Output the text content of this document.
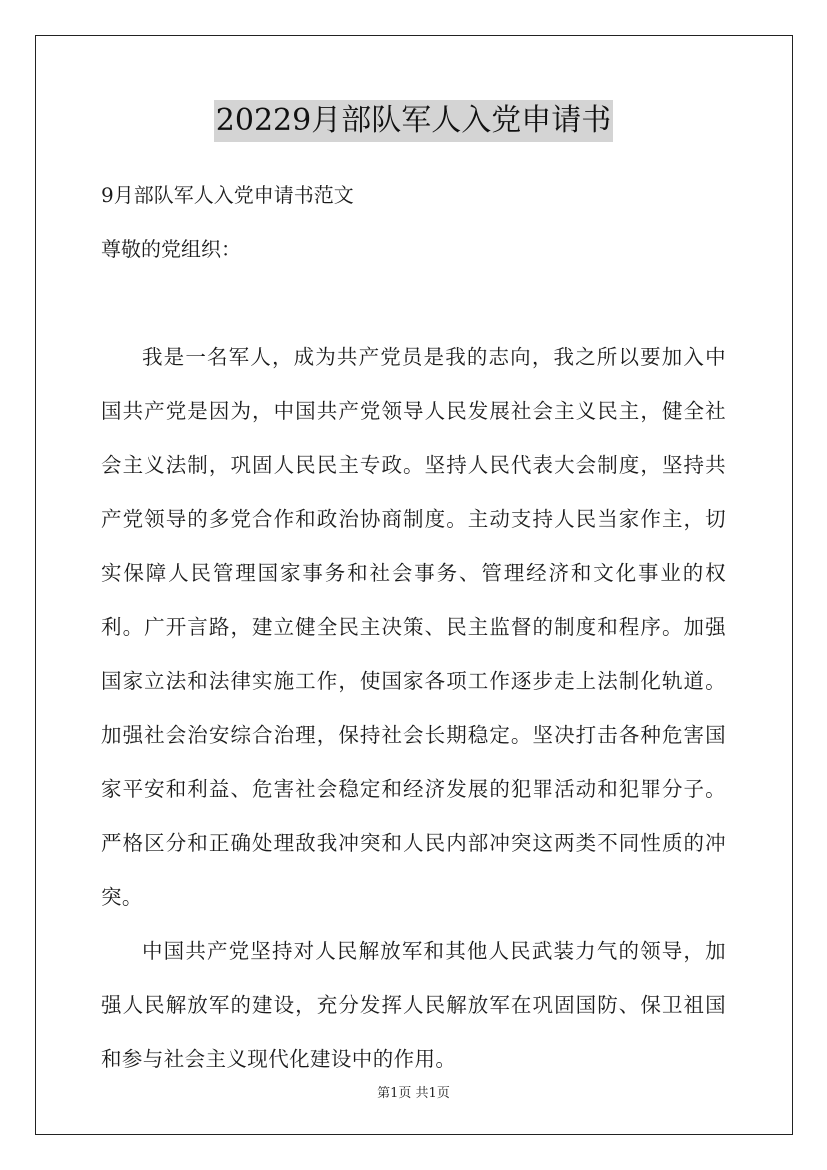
20229月部队军人入党申请书
9月部队军人入党申请书范文
尊敬的党组织：

我是一名军人，成为共产党员是我的志向，我之所以要加入中国共产党是因为，中国共产党领导人民发展社会主义民主，健全社会主义法制，巩固人民民主专政。坚持人民代表大会制度，坚持共产党领导的多党合作和政治协商制度。主动支持人民当家作主，切实保障人民管理国家事务和社会事务、管理经济和文化事业的权利。广开言路，建立健全民主决策、民主监督的制度和程序。加强国家立法和法律实施工作，使国家各项工作逐步走上法制化轨道。加强社会治安综合治理，保持社会长期稳定。坚决打击各种危害国家平安和利益、危害社会稳定和经济发展的犯罪活动和犯罪分子。严格区分和正确处理敌我冲突和人民内部冲突这两类不同性质的冲突。

中国共产党坚持对人民解放军和其他人民武装力气的领导，加强人民解放军的建设，充分发挥人民解放军在巩固国防、保卫祖国和参与社会主义现代化建设中的作用。

第1页 共1页
